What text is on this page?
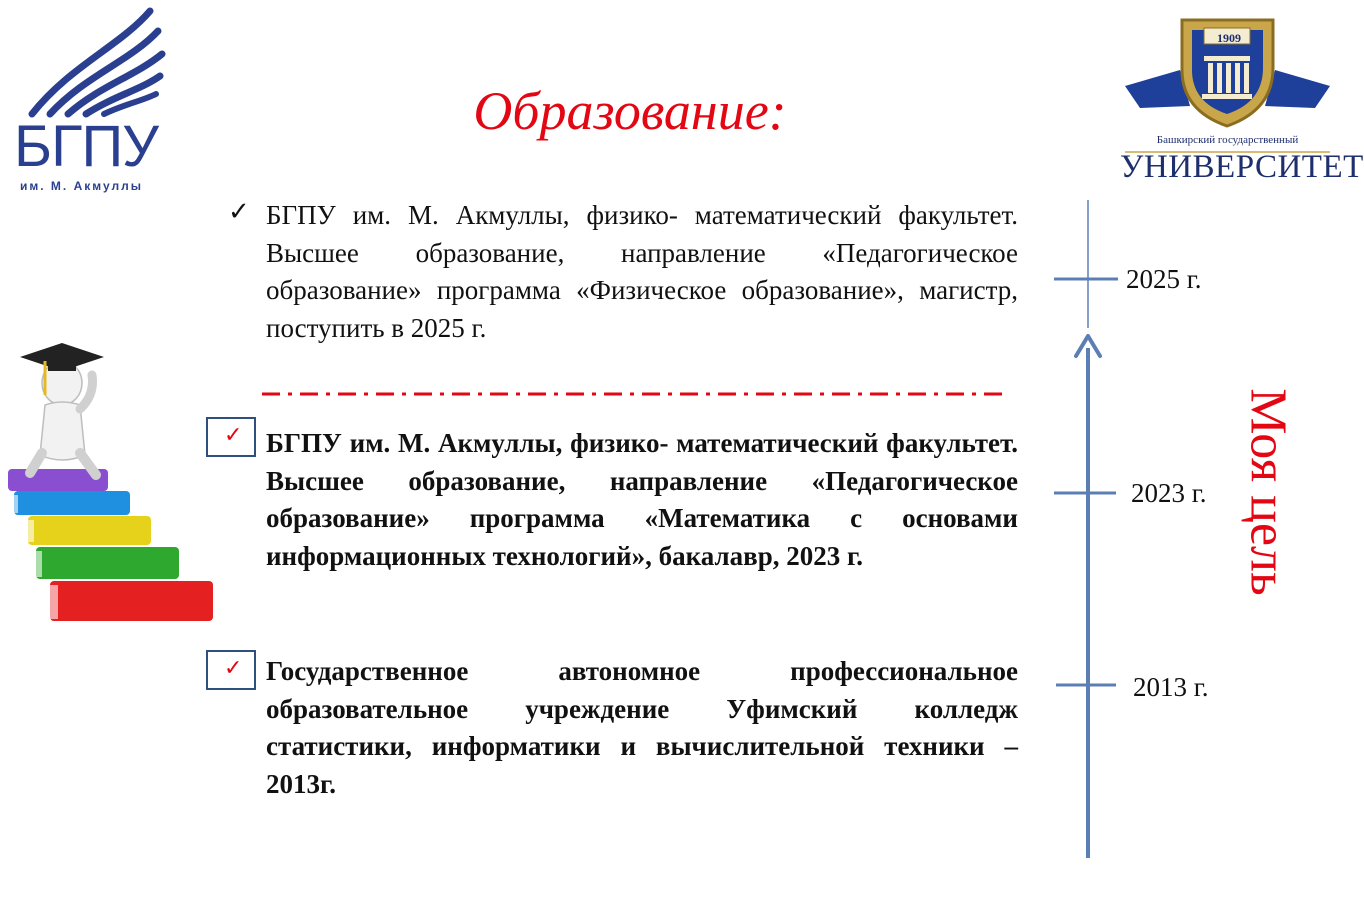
Образование:
БГПУ
им. М. Акмуллы
1909
Башкирский государственный
УНИВЕРСИТЕТ
✓ БГПУ им. М. Акмуллы, физико- математический факультет. Высшее образование, направление «Педагогическое образование» программа «Физическое образование», магистр, поступить в 2025 г.
✓ БГПУ им. М. Акмуллы, физико- математический факультет. Высшее образование, направление «Педагогическое образование» программа «Математика с основами информационных технологий», бакалавр, 2023 г.
✓ Государственное автономное профессиональное образовательное учреждение Уфимский колледж статистики, информатики и вычислительной техники – 2013г.
2025 г.
2023 г.
2013 г.
Моя цель
